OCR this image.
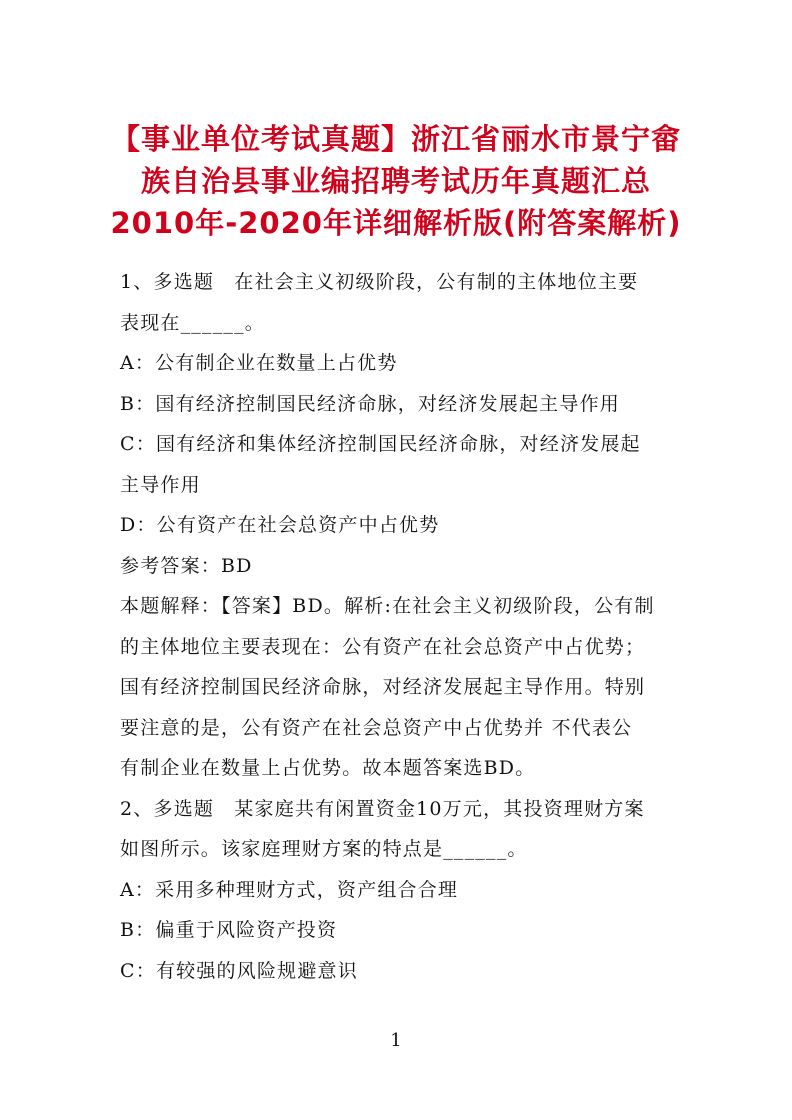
【事业单位考试真题】浙江省丽水市景宁畲
族自治县事业编招聘考试历年真题汇总
2010年-2020年详细解析版(附答案解析)

1、多选题　在社会主义初级阶段，公有制的主体地位主要

表现在______。

A：公有制企业在数量上占优势

B：国有经济控制国民经济命脉，对经济发展起主导作用

C：国有经济和集体经济控制国民经济命脉，对经济发展起

主导作用

D：公有资产在社会总资产中占优势

参考答案：BD

本题解释：【答案】BD。解析:在社会主义初级阶段，公有制

的主体地位主要表现在：公有资产在社会总资产中占优势；

国有经济控制国民经济命脉，对经济发展起主导作用。特别

要注意的是，公有资产在社会总资产中占优势并 不代表公

有制企业在数量上占优势。故本题答案选BD。

2、多选题　某家庭共有闲置资金10万元，其投资理财方案

如图所示。该家庭理财方案的特点是______。

A：采用多种理财方式，资产组合合理

B：偏重于风险资产投资

C：有较强的风险规避意识

1
